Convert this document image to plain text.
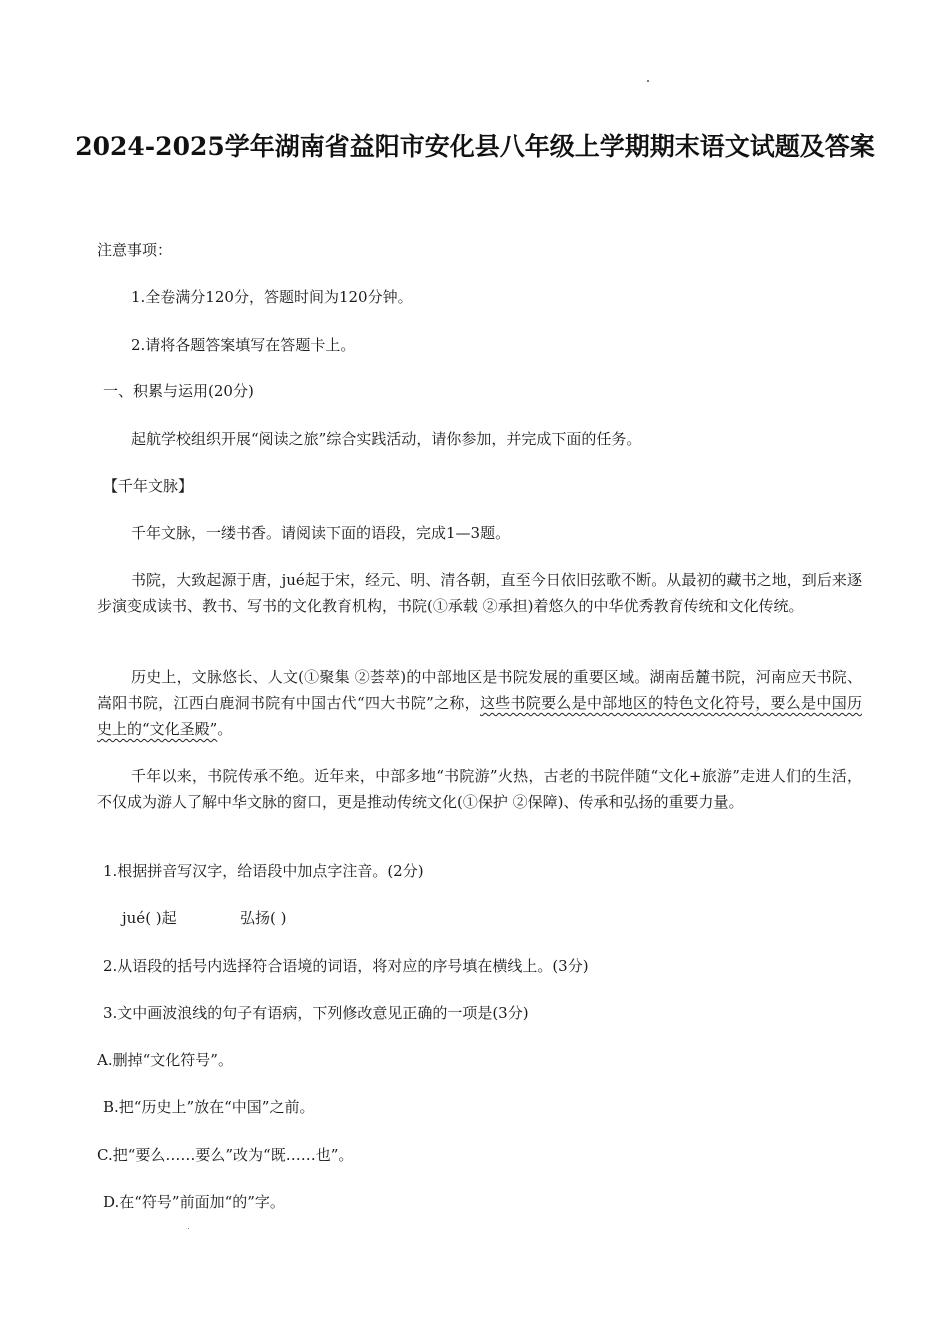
2024-2025学年湖南省益阳市安化县八年级上学期期末语文试题及答案
注意事项：
1.全卷满分120分，答题时间为120分钟。
2.请将各题答案填写在答题卡上。
一、积累与运用(20分)
起航学校组织开展“阅读之旅”综合实践活动，请你参加，并完成下面的任务。
【千年文脉】
千年文脉，一缕书香。请阅读下面的语段，完成1—3题。

书院，大致起源于唐，jué起于宋，经元、明、清各朝，直至今日依旧弦歌不断。从最初的藏书之地，到后来逐步演变成读书、教书、写书的文化教育机构，书院(①承载 ②承担)着悠久的中华优秀教育传统和文化传统。

历史上，文脉悠长、人文(①聚集 ②荟萃)的中部地区是书院发展的重要区域。湖南岳麓书院，河南应天书院、嵩阳书院，江西白鹿洞书院有中国古代“四大书院”之称，这些书院要么是中部地区的特色文化符号，要么是中国历史上的“文化圣殿”。

千年以来，书院传承不绝。近年来，中部多地“书院游”火热，古老的书院伴随“文化+旅游”走进人们的生活，不仅成为游人了解中华文脉的窗口，更是推动传统文化(①保护 ②保障)、传承和弘扬的重要力量。

1.根据拼音写汉字，给语段中加点字注音。(2分)
jué( )起	弘扬( )
2.从语段的括号内选择符合语境的词语，将对应的序号填在横线上。(3分)
3.文中画波浪线的句子有语病，下列修改意见正确的一项是(3分)
A.删掉“文化符号”。
B.把“历史上”放在“中国”之前。
C.把“要么……要么”改为“既……也”。
D.在“符号”前面加“的”字。
